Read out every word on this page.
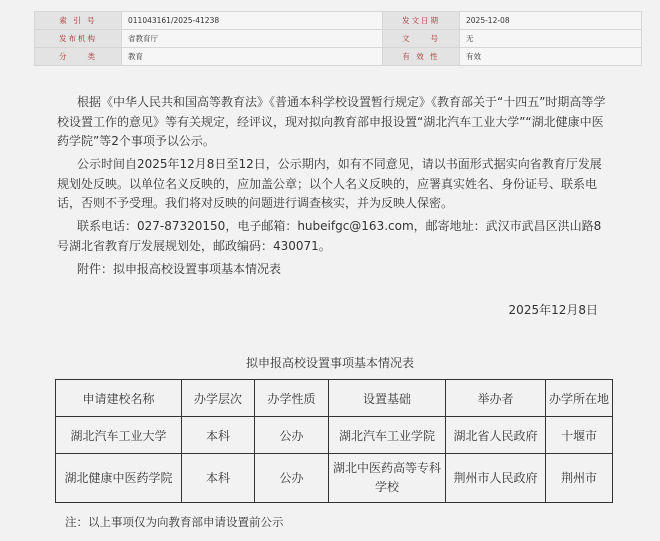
索 引 号	011043161/2025-41238	发文日期	2025-12-08
发布机构	省教育厅	文　　号	无
分　　类	教育	有 效 性	有效
根据《中华人民共和国高等教育法》《普通本科学校设置暂行规定》《教育部关于“十四五”时期高等学校设置工作的意见》等有关规定，经评议，现对拟向教育部申报设置“湖北汽车工业大学”“湖北健康中医药学院”等2个事项予以公示。
公示时间自2025年12月8日至12日，公示期内，如有不同意见，请以书面形式据实向省教育厅发展规划处反映。以单位名义反映的，应加盖公章；以个人名义反映的，应署真实姓名、身份证号、联系电话，否则不予受理。我们将对反映的问题进行调查核实，并为反映人保密。
联系电话：027-87320150，电子邮箱：hubeifgc@163.com，邮寄地址：武汉市武昌区洪山路8号湖北省教育厅发展规划处，邮政编码：430071。
附件：拟申报高校设置事项基本情况表
2025年12月8日
拟申报高校设置事项基本情况表
申请建校名称	办学层次	办学性质	设置基础	举办者	办学所在地
湖北汽车工业大学	本科	公办	湖北汽车工业学院	湖北省人民政府	十堰市
湖北健康中医药学院	本科	公办	湖北中医药高等专科学校	荆州市人民政府	荆州市
注：以上事项仅为向教育部申请设置前公示
